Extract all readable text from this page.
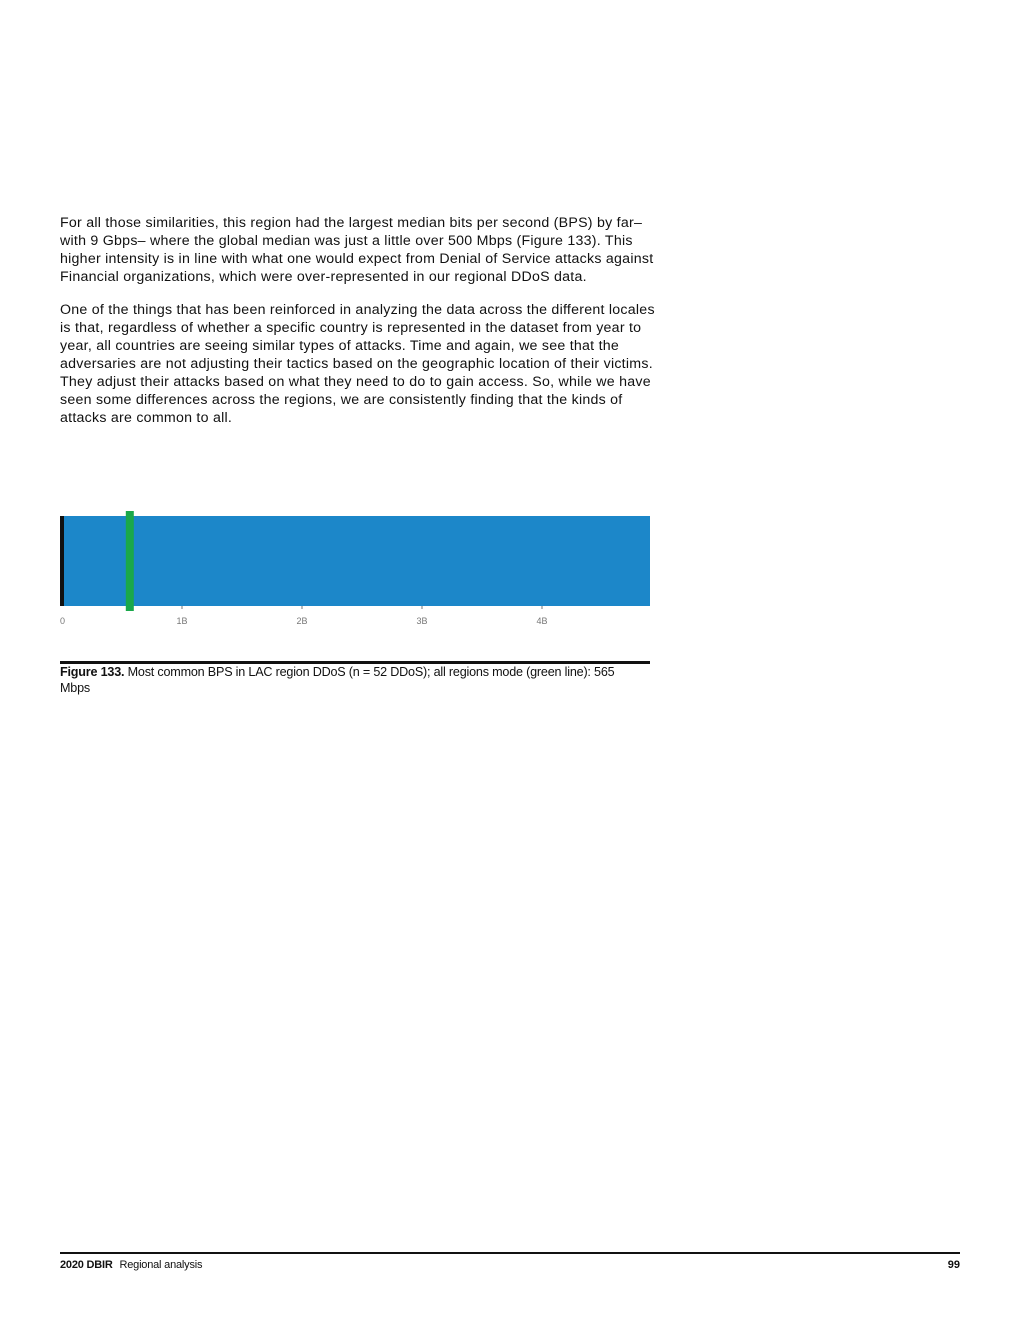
For all those similarities, this region had the largest median bits per second (BPS) by far– with 9 Gbps– where the global median was just a little over 500 Mbps (Figure 133). This higher intensity is in line with what one would expect from Denial of Service attacks against Financial organizations, which were over-represented in our regional DDoS data.

One of the things that has been reinforced in analyzing the data across the different locales is that, regardless of whether a specific country is represented in the dataset from year to year, all countries are seeing similar types of attacks. Time and again, we see that the adversaries are not adjusting their tactics based on the geographic location of their victims. They adjust their attacks based on what they need to do to gain access. So, while we have seen some differences across the regions, we are consistently finding that the kinds of attacks are common to all.

0	1B	2B	3B	4B
Figure 133. Most common BPS in LAC region DDoS (n = 52 DDoS); all regions mode (green line): 565 Mbps
2020 DBIR Regional analysis	99
